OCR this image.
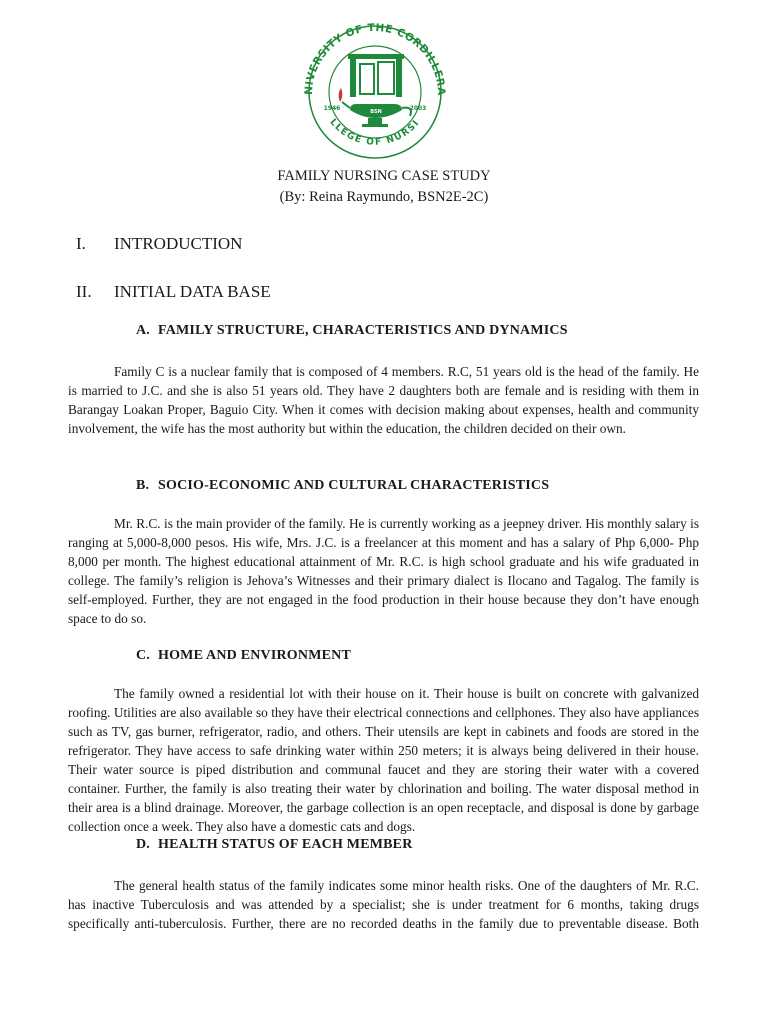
NIVERSITY OF THE CORDILLERA
LLEGE OF NURSI
BSN
1946	2003
FAMILY NURSING CASE STUDY
(By: Reina Raymundo, BSN2E-2C)
I. INTRODUCTION
II. INITIAL DATA BASE
A. FAMILY STRUCTURE, CHARACTERISTICS AND DYNAMICS

Family C is a nuclear family that is composed of 4 members. R.C, 51 years old is the head of the family. He is married to J.C. and she is also 51 years old. They have 2 daughters both are female and is residing with them in Barangay Loakan Proper, Baguio City. When it comes with decision making about expenses, health and community involvement, the wife has the most authority but within the education, the children decided on their own.

B. SOCIO-ECONOMIC AND CULTURAL CHARACTERISTICS

Mr. R.C. is the main provider of the family. He is currently working as a jeepney driver. His monthly salary is ranging at 5,000-8,000 pesos. His wife, Mrs. J.C. is a freelancer at this moment and has a salary of Php 6,000- Php 8,000 per month. The highest educational attainment of Mr. R.C. is high school graduate and his wife graduated in college. The family’s religion is Jehova’s Witnesses and their primary dialect is Ilocano and Tagalog. The family is self-employed. Further, they are not engaged in the food production in their house because they don’t have enough space to do so.

C. HOME AND ENVIRONMENT

The family owned a residential lot with their house on it. Their house is built on concrete with galvanized roofing. Utilities are also available so they have their electrical connections and cellphones. They also have appliances such as TV, gas burner, refrigerator, radio, and others. Their utensils are kept in cabinets and foods are stored in the refrigerator. They have access to safe drinking water within 250 meters; it is always being delivered in their house. Their water source is piped distribution and communal faucet and they are storing their water with a covered container. Further, the family is also treating their water by chlorination and boiling. The water disposal method in their area is a blind drainage. Moreover, the garbage collection is an open receptacle, and disposal is done by garbage collection once a week. They also have a domestic cats and dogs.

D. HEALTH STATUS OF EACH MEMBER

The general health status of the family indicates some minor health risks. One of the daughters of Mr. R.C. has inactive Tuberculosis and was attended by a specialist; she is under treatment for 6 months, taking drugs specifically anti-tuberculosis. Further, there are no recorded deaths in the family due to preventable disease. Both
